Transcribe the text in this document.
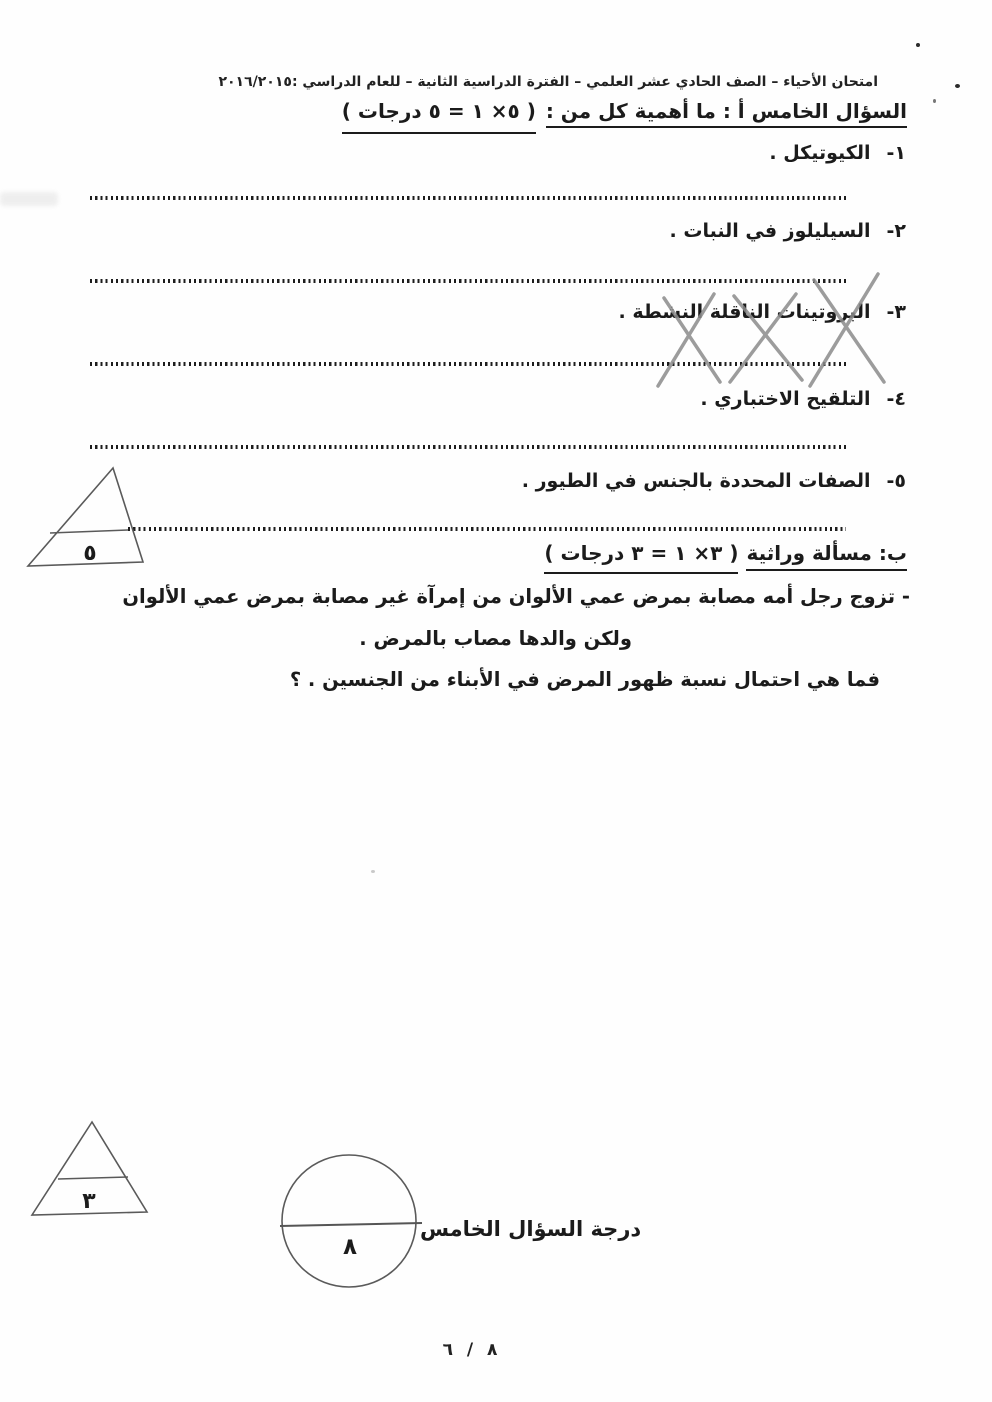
امتحان الأحياء – الصف الحادي عشر العلمي – الفترة الدراسية الثانية – للعام الدراسي :٢٠١٦/٢٠١٥
السؤال الخامس أ : ما أهمية كل من :
( ٥× ١ = ٥ درجات )
١-
الكيوتيكل .
٢-
السيليلوز في النبات .
٣-
البروتينات الناقلة النشطة .
٤-
التلقيح الاختباري .
٥-
الصفات المحددة بالجنس في الطيور .
٥	ب: مسألة وراثية
( ٣× ١ = ٣ درجات )
- تزوج رجل أمه مصابة بمرض عمي الألوان من إمرآة غير مصابة بمرض عمي الألوان
ولكن والدها مصاب بالمرض .
فما هي احتمال نسبة ظهور المرض في الأبناء من الجنسين . ؟
٣
٨
درجة السؤال الخامس
٨ / ٦
